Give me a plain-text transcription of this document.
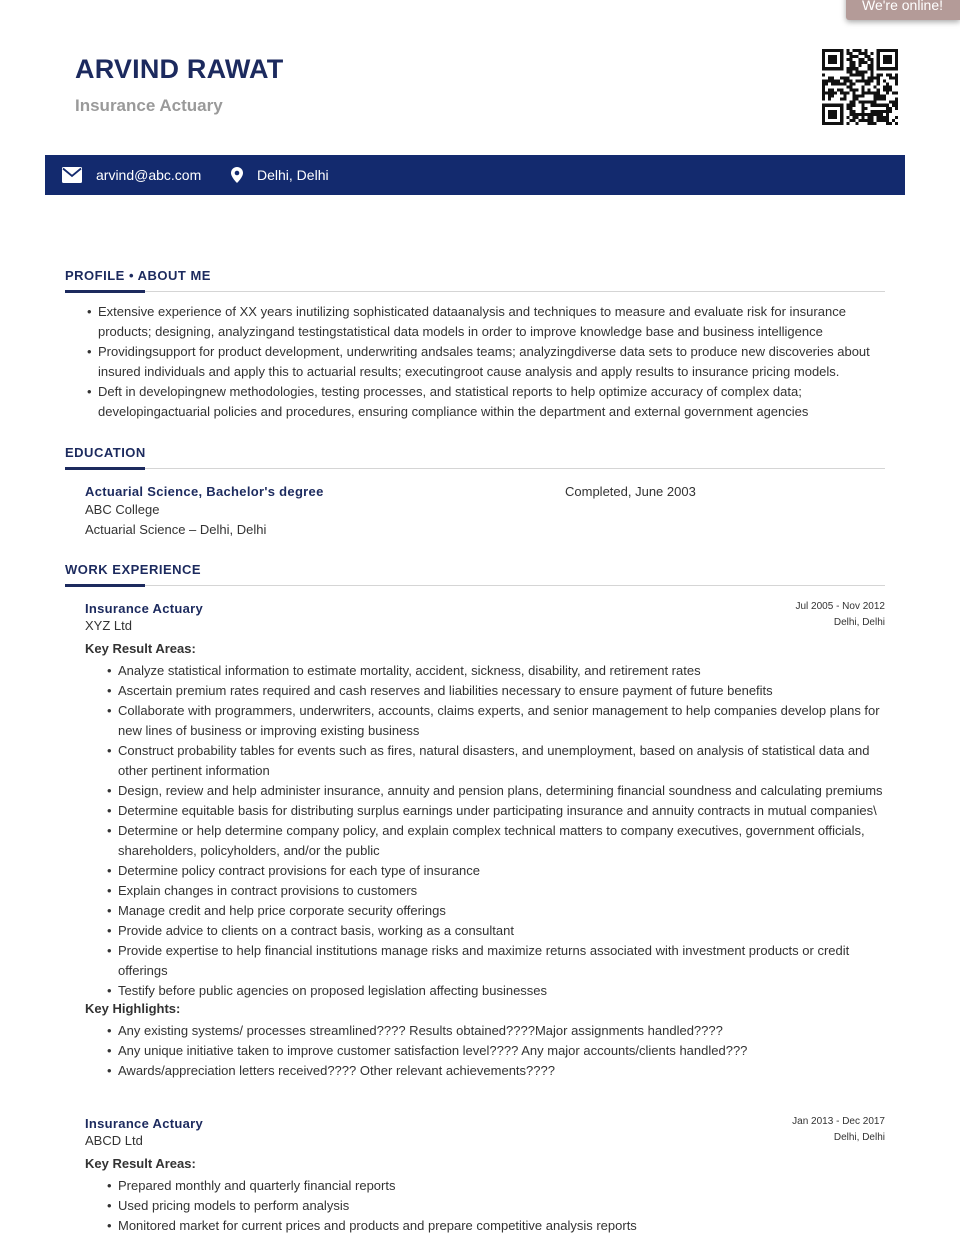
We're online!
ARVIND RAWAT
Insurance Actuary
arvind@abc.com	Delhi, Delhi
PROFILE • ABOUT ME
• Extensive experience of XX years inutilizing sophisticated dataanalysis and techniques to measure and evaluate risk for insurance products; designing, analyzingand testingstatistical data models in order to improve knowledge base and business intelligence
• Providingsupport for product development, underwriting andsales teams; analyzingdiverse data sets to produce new discoveries about insured individuals and apply this to actuarial results; executingroot cause analysis and apply results to insurance pricing models.
• Deft in developingnew methodologies, testing processes, and statistical reports to help optimize accuracy of complex data; developingactuarial policies and procedures, ensuring compliance within the department and external government agencies
EDUCATION
Actuarial Science, Bachelor's degree	Completed, June 2003
ABC College
Actuarial Science – Delhi, Delhi
WORK EXPERIENCE
Insurance Actuary	Jul 2005 - Nov 2012
Delhi, Delhi
XYZ Ltd
Key Result Areas:
• Analyze statistical information to estimate mortality, accident, sickness, disability, and retirement rates
• Ascertain premium rates required and cash reserves and liabilities necessary to ensure payment of future benefits
• Collaborate with programmers, underwriters, accounts, claims experts, and senior management to help companies develop plans for new lines of business or improving existing business
• Construct probability tables for events such as fires, natural disasters, and unemployment, based on analysis of statistical data and other pertinent information
• Design, review and help administer insurance, annuity and pension plans, determining financial soundness and calculating premiums
• Determine equitable basis for distributing surplus earnings under participating insurance and annuity contracts in mutual companies\
• Determine or help determine company policy, and explain complex technical matters to company executives, government officials, shareholders, policyholders, and/or the public
• Determine policy contract provisions for each type of insurance
• Explain changes in contract provisions to customers
• Manage credit and help price corporate security offerings
• Provide advice to clients on a contract basis, working as a consultant
• Provide expertise to help financial institutions manage risks and maximize returns associated with investment products or credit offerings
• Testify before public agencies on proposed legislation affecting businesses
Key Highlights:
• Any existing systems/ processes streamlined???? Results obtained????Major assignments handled????
• Any unique initiative taken to improve customer satisfaction level???? Any major accounts/clients handled???
• Awards/appreciation letters received???? Other relevant achievements????
Insurance Actuary	Jan 2013 - Dec 2017
Delhi, Delhi
ABCD Ltd
Key Result Areas:
• Prepared monthly and quarterly financial reports
• Used pricing models to perform analysis
• Monitored market for current prices and products and prepare competitive analysis reports
